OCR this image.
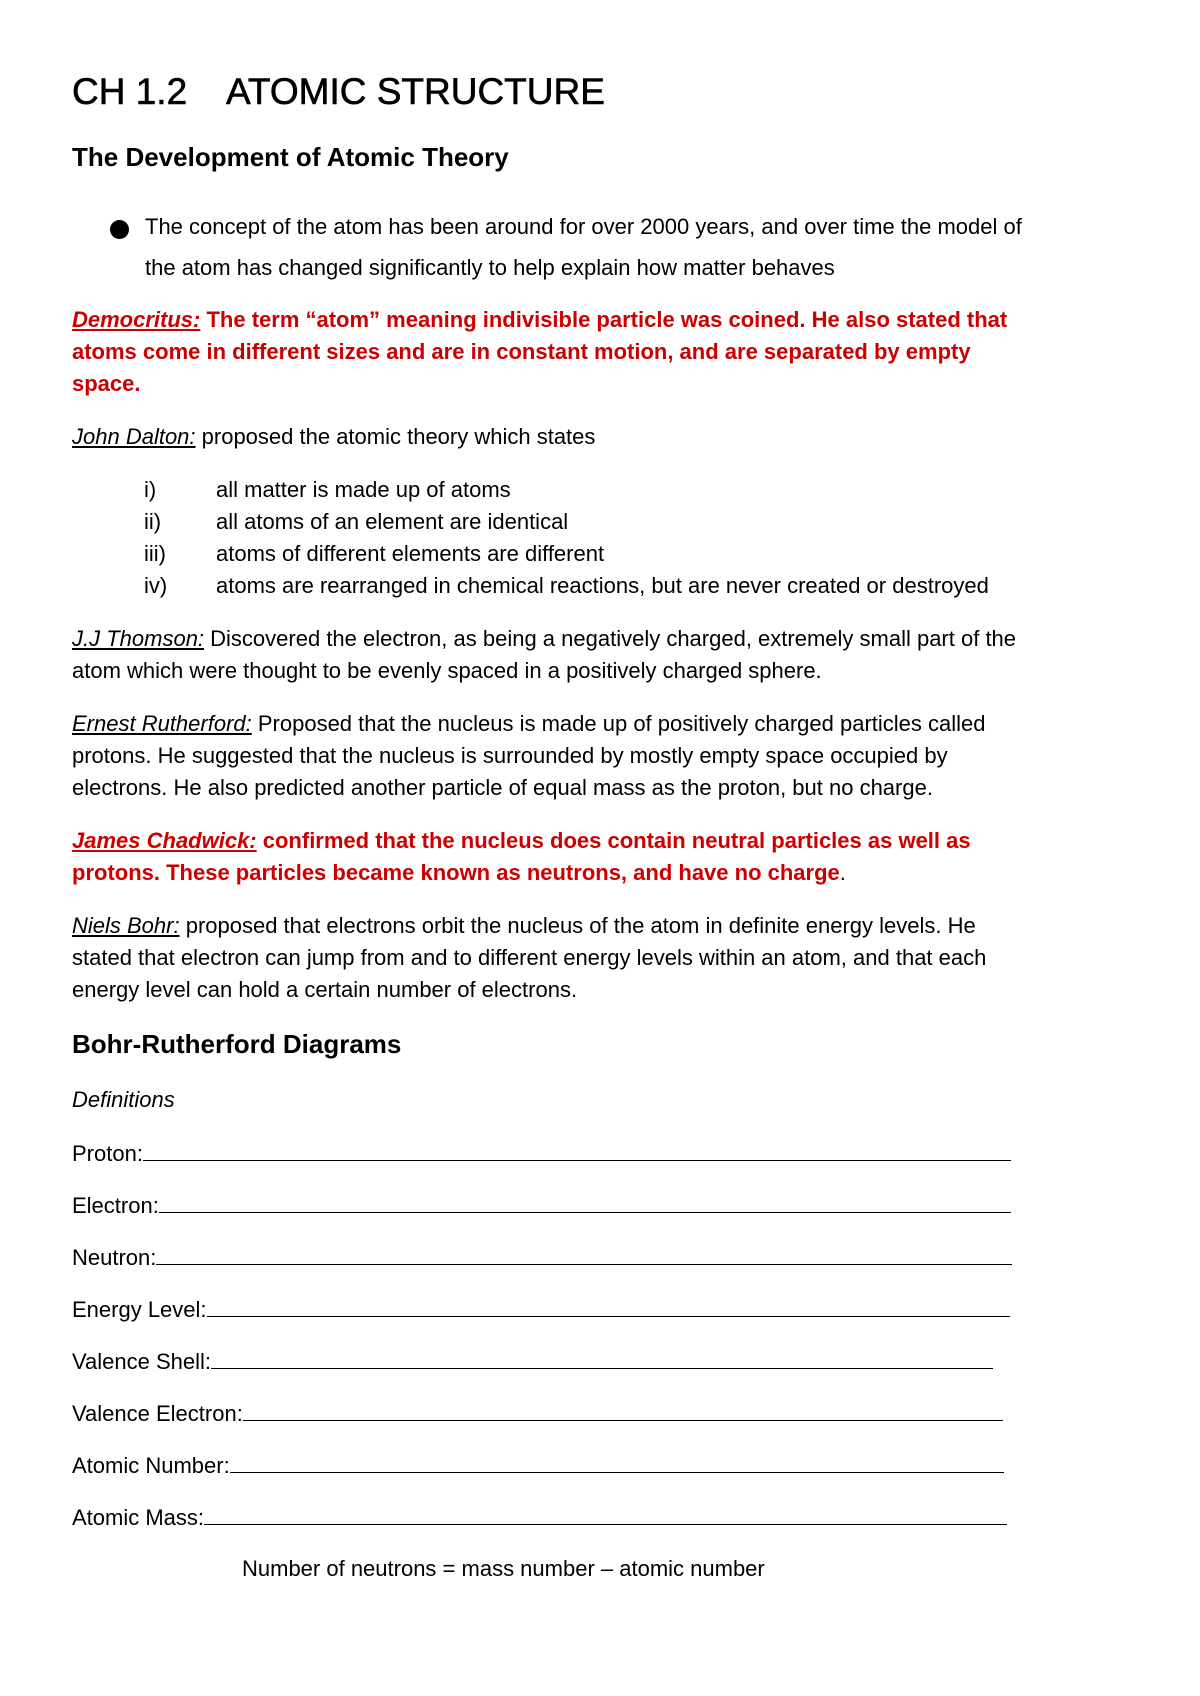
CH 1.2 ATOMIC STRUCTURE
The Development of Atomic Theory
The concept of the atom has been around for over 2000 years, and over time the model of
the atom has changed significantly to help explain how matter behaves
Democritus: The term “atom” meaning indivisible particle was coined. He also stated that
atoms come in different sizes and are in constant motion, and are separated by empty
space.
John Dalton: proposed the atomic theory which states
i)	all matter is made up of atoms
ii) all atoms of an element are identical
iii) atoms of different elements are different
iv) atoms are rearranged in chemical reactions, but are never created or destroyed
J.J Thomson: Discovered the electron, as being a negatively charged, extremely small part of the
atom which were thought to be evenly spaced in a positively charged sphere.
Ernest Rutherford: Proposed that the nucleus is made up of positively charged particles called
protons. He suggested that the nucleus is surrounded by mostly empty space occupied by
electrons. He also predicted another particle of equal mass as the proton, but no charge.
James Chadwick: confirmed that the nucleus does contain neutral particles as well as
protons. These particles became known as neutrons, and have no charge.
Niels Bohr: proposed that electrons orbit the nucleus of the atom in definite energy levels. He
stated that electron can jump from and to different energy levels within an atom, and that each
energy level can hold a certain number of electrons.
Bohr-Rutherford Diagrams
Definitions
Proton:
Electron:
Neutron:
Energy Level:
Valence Shell:
Valence Electron:
Atomic Number:
Atomic Mass:
Number of neutrons = mass number – atomic number
